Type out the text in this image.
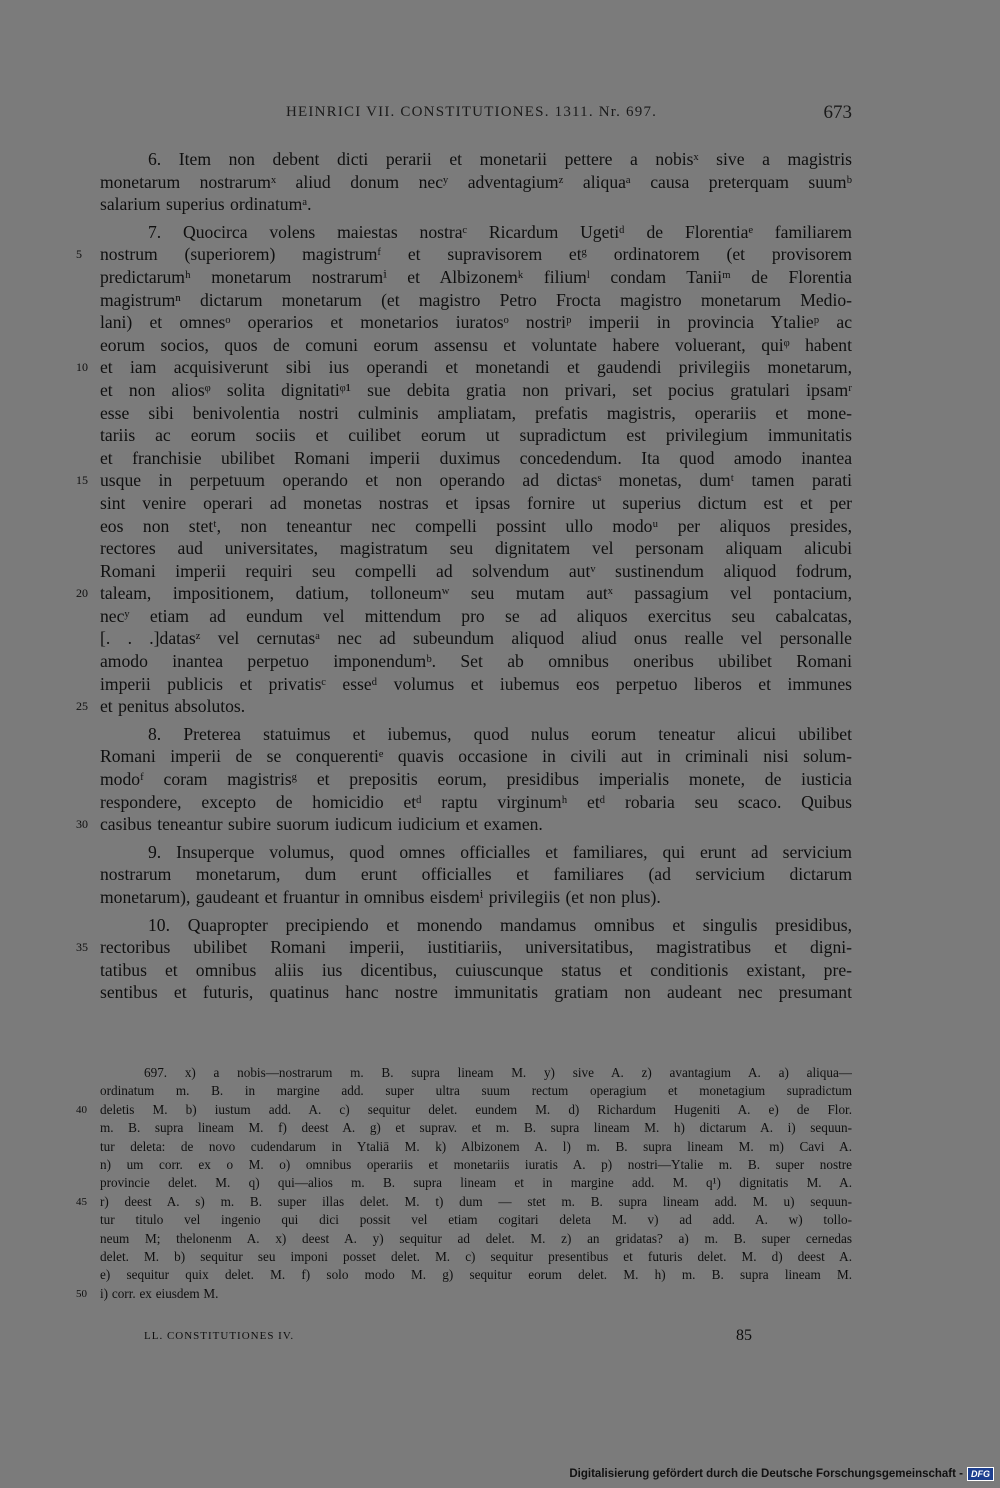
HEINRICI VII. CONSTITUTIONES. 1311. Nr. 697.	673
6. Item non debent dicti perarii et monetarii pettere a nobisˣ sive a magistris
monetarum nostrarumˣ aliud donum necʸ adventagiumᶻ aliquaᵃ causa preterquam suumᵇ
salarium superius ordinatumᵃ.
7. Quocirca volens maiestas nostraᶜ Ricardum Ugetiᵈ de Florentiaᵉ familiarem
5	nostrum (superiorem) magistrumᶠ et supravisorem etᵍ ordinatorem (et provisorem
predictarumʰ monetarum nostrarumⁱ et Albizonemᵏ filiumˡ condam Taniiᵐ de Florentia
magistrumⁿ dictarum monetarum (et magistro Petro Frocta magistro monetarum Medio-
lani) et omnesᵒ operarios et monetarios iuratosᵒ nostriᵖ imperii in provincia Ytalieᵖ ac
eorum socios, quos de comuni eorum assensu et voluntate habere voluerant, quiᵠ habent
10 et iam acquisiverunt sibi ius operandi et monetandi et gaudendi privilegiis monetarum,
et non aliosᵠ solita dignitatiᵠ¹ sue debita gratia non privari, set pocius gratulari ipsamʳ
esse sibi benivolentia nostri culminis ampliatam, prefatis magistris, operariis et mone-
tariis ac eorum sociis et cuilibet eorum ut supradictum est privilegium immunitatis
et franchisie ubilibet Romani imperii duximus concedendum. Ita quod amodo inantea
15 usque in perpetuum operando et non operando ad dictasˢ monetas, dumᵗ tamen parati
sint venire operari ad monetas nostras et ipsas fornire ut superius dictum est et per
eos non stetᵗ, non teneantur nec compelli possint ullo modoᵘ per aliquos presides,
rectores aud universitates, magistratum seu dignitatem vel personam aliquam alicubi
Romani imperii requiri seu compelli ad solvendum autᵛ sustinendum aliquod fodrum,
20 taleam, impositionem, datium, tolloneumʷ seu mutam autˣ passagium vel pontacium,
necʸ etiam ad eundum vel mittendum pro se ad aliquos exercitus seu cabalcatas,
[. . .]datasᶻ vel cernutasᵃ nec ad subeundum aliquod aliud onus realle vel personalle
amodo inantea perpetuo imponendumᵇ. Set ab omnibus oneribus ubilibet Romani
imperii publicis et privatisᶜ esseᵈ volumus et iubemus eos perpetuo liberos et immunes
25 et penitus absolutos.
8. Preterea statuimus et iubemus, quod nulus eorum teneatur alicui ubilibet
Romani imperii de se conquerentiᵉ quavis occasione in civili aut in criminali nisi solum-
modoᶠ coram magistrisᵍ et prepositis eorum, presidibus imperialis monete, de iusticia
respondere, excepto de homicidio etᵈ raptu virginumʰ etᵈ robaria seu scaco. Quibus
30 casibus teneantur subire suorum iudicum iudicium et examen.
9. Insuperque volumus, quod omnes officialles et familiares, qui erunt ad servicium
nostrarum monetarum, dum erunt officialles et familiares (ad servicium dictarum
monetarum), gaudeant et fruantur in omnibus eisdemⁱ privilegiis (et non plus).
10. Quapropter precipiendo et monendo mandamus omnibus et singulis presidibus,
35 rectoribus ubilibet Romani imperii, iustitiariis, universitatibus, magistratibus et digni-
tatibus et omnibus aliis ius dicentibus, cuiuscunque status et conditionis existant, pre-
sentibus et futuris, quatinus hanc nostre immunitatis gratiam non audeant nec presumant
697. x) a nobis—nostrarum m. B. supra lineam M. y) sive A. z) avantagium A. a) aliqua—
ordinatum m. B. in margine add. super ultra suum rectum operagium et monetagium supradictum
40 deletis M. b) iustum add. A. c) sequitur delet. eundem M. d) Richardum Hugeniti A. e) de Flor.
m. B. supra lineam M. f) deest A. g) et suprav. et m. B. supra lineam M. h) dictarum A. i) sequun-
tur deleta: de novo cudendarum in Ytaliā M. k) Albizonem A. l) m. B. supra lineam M. m) Cavi A.
n) um corr. ex o M. o) omnibus operariis et monetariis iuratis A. p) nostri—Ytalie m. B. super nostre
provincie delet. M. q) qui—alios m. B. supra lineam et in margine add. M. q¹) dignitatis M. A.
45 r) deest A. s) m. B. super illas delet. M. t) dum — stet m. B. supra lineam add. M. u) sequun-
tur titulo vel ingenio qui dici possit vel etiam cogitari deleta M. v) ad add. A. w) tollo-
neum M; thelonenm A. x) deest A. y) sequitur ad delet. M. z) an gridatas? a) m. B. super cernedas
delet. M. b) sequitur seu imponi posset delet. M. c) sequitur presentibus et futuris delet. M. d) deest A.
e) sequitur quix delet. M. f) solo modo M. g) sequitur eorum delet. M. h) m. B. supra lineam M.
50 i) corr. ex eiusdem M.
LL. CONSTITUTIONES IV.	85
Digitalisierung gefördert durch die Deutsche Forschungsgemeinschaft - DFG
